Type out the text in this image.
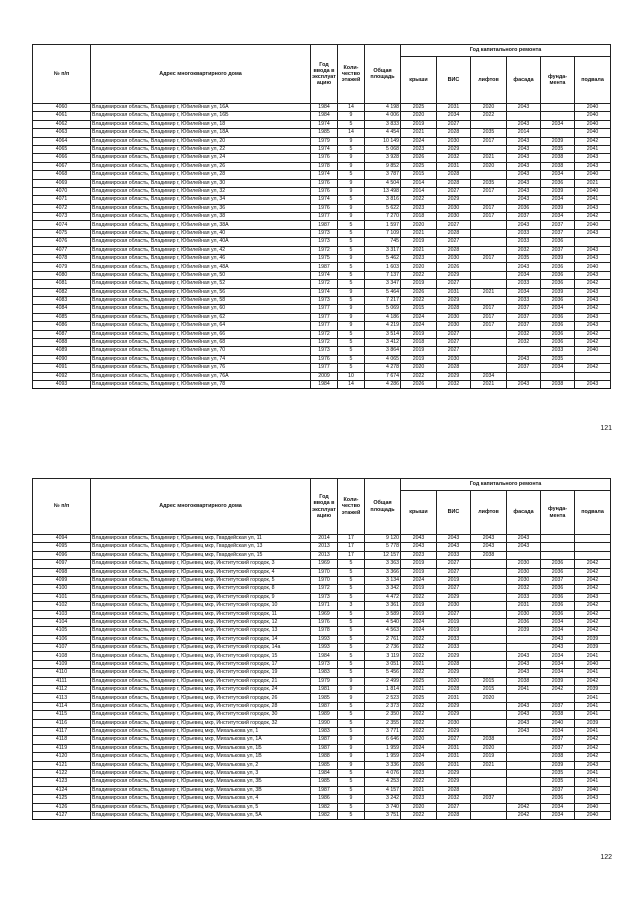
№ п/п	Адрес многоквартирного дома	Год ввода в эксплуат ацию	Коли-чество этажей	Общая площадь	Год капитального ремонта					
					крыши	ВИС	лифтов	фасада	фунда-мента	подвала
4060	Владимирская область, Владимир г, Юбилейная ул, 16А	1984	14	4 198	2025	2031	2020	2043		2040
4061	Владимирская область, Владимир г, Юбилейная ул, 16Б	1984	9	4 006	2020	2034	2022			2040
4062	Владимирская область, Владимир г, Юбилейная ул, 18	1974	5	3 833	2019	2027		2043	2034	2040
4063	Владимирская область, Владимир г, Юбилейная ул, 18А	1985	14	4 454	2021	2028	2035	2014		2040
4064	Владимирская область, Владимир г, Юбилейная ул, 20	1979	9	10 149	2024	2030	2017	2043	2039	2042
4065	Владимирская область, Владимир г, Юбилейная ул, 22	1974	5	5 068	2023	2029		2043	2035	2041
4066	Владимирская область, Владимир г, Юбилейная ул, 24	1976	9	3 928	2026	2032	2021	2043	2038	2043
4067	Владимирская область, Владимир г, Юбилейная ул, 26	1978	9	9 852	2025	2031	2020	2043	2038	2043
4068	Владимирская область, Владимир г, Юбилейная ул, 28	1974	5	3 787	2015	2028		2043	2034	2040
4069	Владимирская область, Владимир г, Юбилейная ул, 30	1976	9	4 504	2014	2028	2035	2043	2036	2021
4070	Владимирская область, Владимир г, Юбилейная ул, 32	1976	9	13 498	2014	2027	2017	2043	2039	2040
4071	Владимирская область, Владимир г, Юбилейная ул, 34	1974	5	3 816	2022	2029		2043	2034	2041
4072	Владимирская область, Владимир г, Юбилейная ул, 36	1976	9	5 622	2023	2030	2017	2036	2039	2043
4073	Владимирская область, Владимир г, Юбилейная ул, 38	1977	9	7 270	2018	2030	2017	2037	2034	2042
4074	Владимирская область, Владимир г, Юбилейная ул, 38А	1987	5	1 597	2020	2027		2043	2037	2040
4075	Владимирская область, Владимир г, Юбилейная ул, 40	1973	5	7 109	2021	2028		2033	2037	2043
4076	Владимирская область, Владимир г, Юбилейная ул, 40А	1973	5	745	2019	2027		2033	2036	
4077	Владимирская область, Владимир г, Юбилейная ул, 42	1972	5	3 317	2021	2028		2032	2037	2043
4078	Владимирская область, Владимир г, Юбилейная ул, 46	1975	9	5 462	2023	2030	2017	2035	2039	2043
4079	Владимирская область, Владимир г, Юбилейная ул, 48А	1987	5	1 603	2020	2026		2043	2036	2040
4080	Владимирская область, Владимир г, Юбилейная ул, 50	1974	5	7 137	2022	2029		2034	2036	2043
4081	Владимирская область, Владимир г, Юбилейная ул, 52	1972	5	3 347	2019	2027		2033	2036	2042
4082	Владимирская область, Владимир г, Юбилейная ул, 56	1974	9	5 464	2026	2031	2021	2034	2039	2043
4083	Владимирская область, Владимир г, Юбилейная ул, 58	1973	5	7 217	2022	2029		2033	2036	2043
4084	Владимирская область, Владимир г, Юбилейная ул, 60	1977	9	5 069	2015	2028	2017	2037	2034	2042
4085	Владимирская область, Владимир г, Юбилейная ул, 62	1977	9	4 186	2024	2030	2017	2037	2036	2043
4086	Владимирская область, Владимир г, Юбилейная ул, 64	1977	9	4 219	2024	2030	2017	2037	2036	2043
4087	Владимирская область, Владимир г, Юбилейная ул, 66	1972	5	3 514	2019	2027		2032	2036	2042
4088	Владимирская область, Владимир г, Юбилейная ул, 68	1972	5	3 412	2018	2027		2032	2036	2042
4089	Владимирская область, Владимир г, Юбилейная ул, 70	1973	5	3 864	2019	2027			2033	2040
4090	Владимирская область, Владимир г, Юбилейная ул, 74	1976	5	4 065	2019	2030		2043	2035	
4091	Владимирская область, Владимир г, Юбилейная ул, 76	1977	5	4 278	2020	2028		2037	2034	2042
4092	Владимирская область, Владимир г, Юбилейная ул, 76А	2009	10	7 674	2022	2029	2034			
4093	Владимирская область, Владимир г, Юбилейная ул, 78	1984	14	4 286	2026	2032	2021	2043	2038	2043
121
№ п/п	Адрес многоквартирного дома	Год ввода в эксплуат ацию	Коли-чество этажей	Общая площадь	Год капитального ремонта					
					крыши	ВИС	лифтов	фасада	фунда-мента	подвала
4094	Владимирская область, Владимир г, Юрьевец мкр, Гвардейская ул, 11	2014	17	9 120	2043	2043	2043	2043		
4095	Владимирская область, Владимир г, Юрьевец мкр, Гвардейская ул, 13	2013	17	5 778	2043	2043	2043	2043		
4096	Владимирская область, Владимир г, Юрьевец мкр, Гвардейская ул, 15	2013	17	12 157	2023	2033	2038			
4097	Владимирская область, Владимир г, Юрьевец мкр, Институтский городок, 3	1969	5	3 363	2019	2027		2030	2036	2042
4098	Владимирская область, Владимир г, Юрьевец мкр, Институтский городок, 4	1970	5	3 366	2019	2027		2030	2036	2042
4099	Владимирская область, Владимир г, Юрьевец мкр, Институтский городок, 5	1970	5	3 134	2024	2019		2030	2037	2042
4100	Владимирская область, Владимир г, Юрьевец мкр, Институтский городок, 8	1972	5	3 342	2019	2027		2032	2036	2042
4101	Владимирская область, Владимир г, Юрьевец мкр, Институтский городок, 9	1973	5	4 472	2022	2029		2033	2036	2043
4102	Владимирская область, Владимир г, Юрьевец мкр, Институтский городок, 10	1971	3	3 361	2019	2030		2031	2036	2042
4103	Владимирская область, Владимир г, Юрьевец мкр, Институтский городок, 11	1969	5	3 589	2019	2027		2030	2036	2042
4104	Владимирская область, Владимир г, Юрьевец мкр, Институтский городок, 12	1976	5	4 540	2024	2019		2036	2034	2042
4105	Владимирская область, Владимир г, Юрьевец мкр, Институтский городок, 13	1978	5	4 563	2024	2019		2039	2034	2042
4106	Владимирская область, Владимир г, Юрьевец мкр, Институтский городок, 14	1993	5	2 761	2022	2033			2043	2039
4107	Владимирская область, Владимир г, Юрьевец мкр, Институтский городок, 14а	1993	5	2 736	2022	2033			2043	2039
4108	Владимирская область, Владимир г, Юрьевец мкр, Институтский городок, 15	1984	5	3 119	2022	2029		2043	2034	2041
4109	Владимирская область, Владимир г, Юрьевец мкр, Институтский городок, 17	1973	5	3 051	2021	2028		2043	2034	2040
4110	Владимирская область, Владимир г, Юрьевец мкр, Институтский городок, 19	1983	5	5 456	2022	2029		2043	2034	2041
4111	Владимирская область, Владимир г, Юрьевец мкр, Институтский городок, 21	1979	9	2 499	2025	2020	2015	2038	2039	2042
4112	Владимирская область, Владимир г, Юрьевец мкр, Институтский городок, 24	1981	9	1 814	2021	2028	2015	2041	2042	2039
4113	Владимирская область, Владимир г, Юрьевец мкр, Институтский городок, 26	1985	9	2 523	2025	2031	2020			2041
4114	Владимирская область, Владимир г, Юрьевец мкр, Институтский городок, 28	1987	5	2 373	2022	2029		2043	2037	2041
4115	Владимирская область, Владимир г, Юрьевец мкр, Институтский городок, 30	1989	5	2 350	2022	2029		2043	2038	2041
4116	Владимирская область, Владимир г, Юрьевец мкр, Институтский городок, 32	1990	5	2 355	2022	2030		2043	2040	2039
4117	Владимирская область, Владимир г, Юрьевец мкр, Михалькова ул, 1	1983	5	3 771	2022	2029		2043	2034	2041
4118	Владимирская область, Владимир г, Юрьевец мкр, Михалькова ул, 1А	1987	9	6 646	2020	2027	2038		2037	2042
4119	Владимирская область, Владимир г, Юрьевец мкр, Михалькова ул, 1Б	1987	9	1 959	2024	2031	2020		2037	2042
4120	Владимирская область, Владимир г, Юрьевец мкр, Михалькова ул, 1В	1988	9	1 959	2024	2031	2019		2038	2042
4121	Владимирская область, Владимир г, Юрьевец мкр, Михалькова ул, 2	1985	9	3 336	2026	2031	2021		2039	2043
4122	Владимирская область, Владимир г, Юрьевец мкр, Михалькова ул, 3	1984	5	4 076	2023	2029			2035	2041
4123	Владимирская область, Владимир г, Юрьевец мкр, Михалькова ул, 3Б	1985	5	4 253	2022	2029			2035	2041
4124	Владимирская область, Владимир г, Юрьевец мкр, Михалькова ул, 3В	1987	5	4 157	2021	2028			2037	2040
4125	Владимирская область, Владимир г, Юрьевец мкр, Михалькова ул, 4	1986	9	3 242	2023	2032	2037		2036	2043
4126	Владимирская область, Владимир г, Юрьевец мкр, Михалькова ул, 5	1982	5	3 740	2020	2027		2042	2034	2040
4127	Владимирская область, Владимир г, Юрьевец мкр, Михалькова ул, 5А	1982	5	3 751	2022	2028		2042	2034	2040
122
